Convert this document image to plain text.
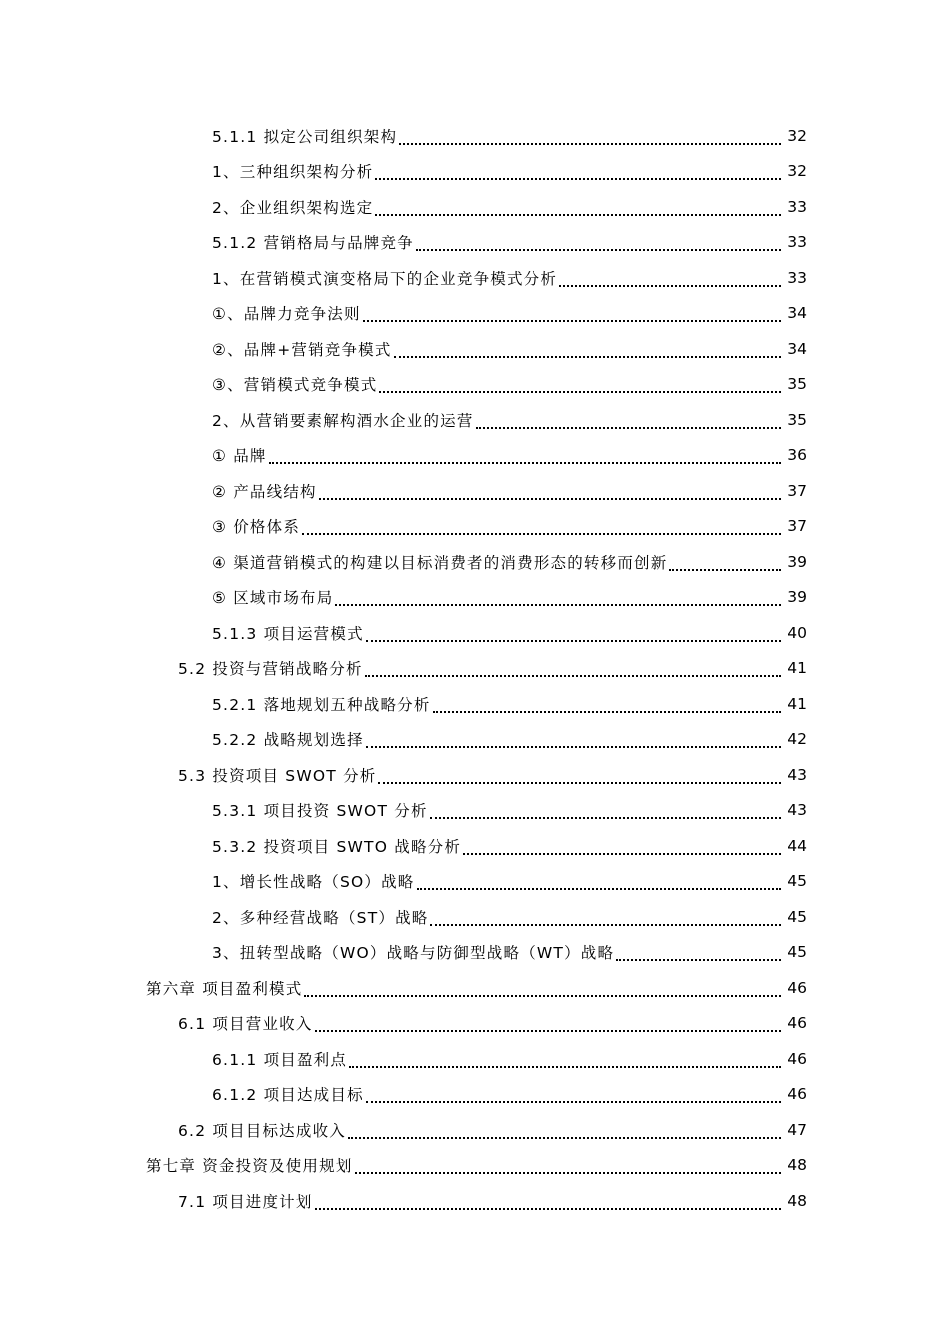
5.1.1 拟定公司组织架构	32
1、三种组织架构分析	32
2、企业组织架构选定	33
5.1.2 营销格局与品牌竞争	33
1、在营销模式演变格局下的企业竞争模式分析	33
①、品牌力竞争法则	34
②、品牌+营销竞争模式	34
③、营销模式竞争模式	35
2、从营销要素解构酒水企业的运营	35
① 品牌	36
② 产品线结构	37
③ 价格体系	37
④ 渠道营销模式的构建以目标消费者的消费形态的转移而创新	39
⑤ 区域市场布局	39
5.1.3 项目运营模式	40
5.2 投资与营销战略分析	41
5.2.1 落地规划五种战略分析	41
5.2.2 战略规划选择	42
5.3 投资项目 SWOT 分析	43
5.3.1 项目投资 SWOT 分析	43
5.3.2 投资项目 SWTO 战略分析	44
1、增长性战略（SO）战略	45
2、多种经营战略（ST）战略	45
3、扭转型战略（WO）战略与防御型战略（WT）战略	45
第六章 项目盈利模式	46
6.1 项目营业收入	46
6.1.1 项目盈利点	46
6.1.2 项目达成目标	46
6.2 项目目标达成收入	47
第七章 资金投资及使用规划	48
7.1 项目进度计划	48
